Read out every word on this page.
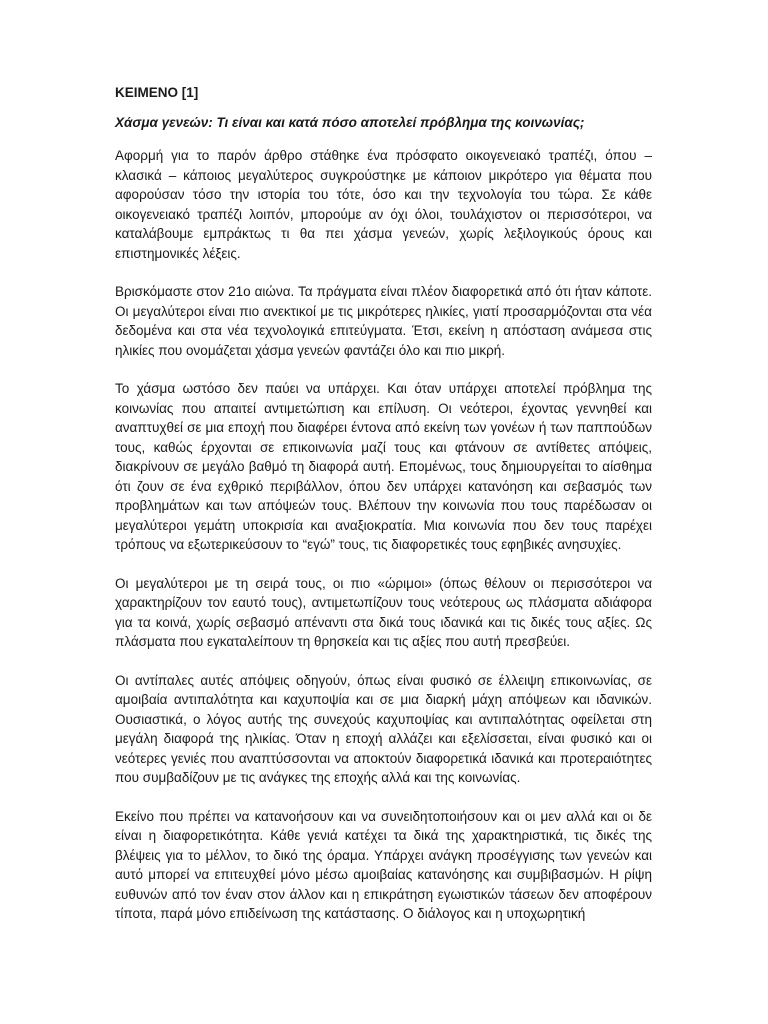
ΚΕΙΜΕΝΟ [1]
Χάσμα γενεών: Τι είναι και κατά πόσο αποτελεί πρόβλημα της κοινωνίας;

Αφορμή για το παρόν άρθρο στάθηκε ένα πρόσφατο οικογενειακό τραπέζι, όπου – κλασικά – κάποιος μεγαλύτερος συγκρούστηκε με κάποιον μικρότερο για θέματα που αφορούσαν τόσο την ιστορία του τότε, όσο και την τεχνολογία του τώρα. Σε κάθε οικογενειακό τραπέζι λοιπόν, μπορούμε αν όχι όλοι, τουλάχιστον οι περισσότεροι, να καταλάβουμε εμπράκτως τι θα πει χάσμα γενεών, χωρίς λεξιλογικούς όρους και επιστημονικές λέξεις.

Βρισκόμαστε στον 21ο αιώνα. Τα πράγματα είναι πλέον διαφορετικά από ότι ήταν κάποτε. Οι μεγαλύτεροι είναι πιο ανεκτικοί με τις μικρότερες ηλικίες, γιατί προσαρμόζονται στα νέα δεδομένα και στα νέα τεχνολογικά επιτεύγματα. Έτσι, εκείνη η απόσταση ανάμεσα στις ηλικίες που ονομάζεται χάσμα γενεών φαντάζει όλο και πιο μικρή.

Το χάσμα ωστόσο δεν παύει να υπάρχει. Και όταν υπάρχει αποτελεί πρόβλημα της κοινωνίας που απαιτεί αντιμετώπιση και επίλυση. Οι νεότεροι, έχοντας γεννηθεί και αναπτυχθεί σε μια εποχή που διαφέρει έντονα από εκείνη των γονέων ή των παππούδων τους, καθώς έρχονται σε επικοινωνία μαζί τους και φτάνουν σε αντίθετες απόψεις, διακρίνουν σε μεγάλο βαθμό τη διαφορά αυτή. Επομένως, τους δημιουργείται το αίσθημα ότι ζουν σε ένα εχθρικό περιβάλλον, όπου δεν υπάρχει κατανόηση και σεβασμός των προβλημάτων και των απόψεών τους. Βλέπουν την κοινωνία που τους παρέδωσαν οι μεγαλύτεροι γεμάτη υποκρισία και αναξιοκρατία. Μια κοινωνία που δεν τους παρέχει τρόπους να εξωτερικεύσουν το “εγώ” τους, τις διαφορετικές τους εφηβικές ανησυχίες.

Οι μεγαλύτεροι με τη σειρά τους, οι πιο «ώριμοι» (όπως θέλουν οι περισσότεροι να χαρακτηρίζουν τον εαυτό τους), αντιμετωπίζουν τους νεότερους ως πλάσματα αδιάφορα για τα κοινά, χωρίς σεβασμό απέναντι στα δικά τους ιδανικά και τις δικές τους αξίες. Ως πλάσματα που εγκαταλείπουν τη θρησκεία και τις αξίες που αυτή πρεσβεύει.

Οι αντίπαλες αυτές απόψεις οδηγούν, όπως είναι φυσικό σε έλλειψη επικοινωνίας, σε αμοιβαία αντιπαλότητα και καχυποψία και σε μια διαρκή μάχη απόψεων και ιδανικών. Ουσιαστικά, ο λόγος αυτής της συνεχούς καχυποψίας και αντιπαλότητας οφείλεται στη μεγάλη διαφορά της ηλικίας. Όταν η εποχή αλλάζει και εξελίσσεται, είναι φυσικό και οι νεότερες γενιές που αναπτύσσονται να αποκτούν διαφορετικά ιδανικά και προτεραιότητες που συμβαδίζουν με τις ανάγκες της εποχής αλλά και της κοινωνίας.

Εκείνο που πρέπει να κατανοήσουν και να συνειδητοποιήσουν και οι μεν αλλά και οι δε είναι η διαφορετικότητα. Κάθε γενιά κατέχει τα δικά της χαρακτηριστικά, τις δικές της βλέψεις για το μέλλον, το δικό της όραμα. Υπάρχει ανάγκη προσέγγισης των γενεών και αυτό μπορεί να επιτευχθεί μόνο μέσω αμοιβαίας κατανόησης και συμβιβασμών. Η ρίψη ευθυνών από τον έναν στον άλλον και η επικράτηση εγωιστικών τάσεων δεν αποφέρουν τίποτα, παρά μόνο επιδείνωση της κατάστασης. Ο διάλογος και η υποχωρητική
